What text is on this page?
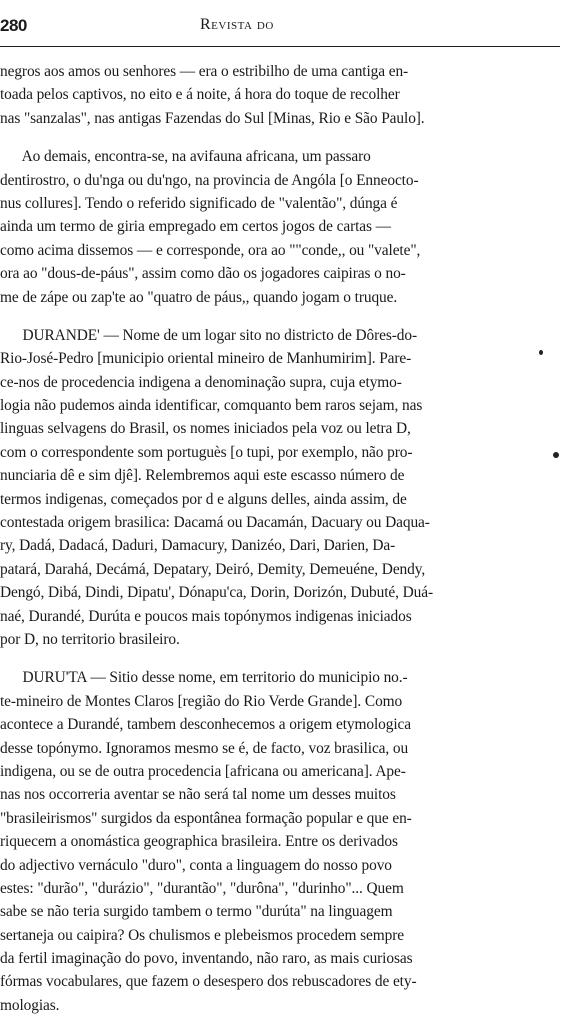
280	Revista do
negros aos amos ou senhores — era o estribilho de uma cantiga en-
toada pelos captivos, no eito e á noite, á hora do toque de recolher
nas "sanzalas", nas antigas Fazendas do Sul [Minas, Rio e São Paulo].
Ao demais, encontra-se, na avifauna africana, um passaro
dentirostro, o du'nga ou du'ngo, na provincia de Angóla [o Enneocto-
nus collures]. Tendo o referido significado de "valentão", dúnga é
ainda um termo de giria empregado em certos jogos de cartas —
como acima dissemos — e corresponde, ora ao ""conde,, ou "valete",
ora ao "dous-de-páus", assim como dão os jogadores caipiras o no-
me de zápe ou zap'te ao "quatro de páus,, quando jogam o truque.
DURANDE' — Nome de um logar sito no districto de Dôres-do-
Rio-José-Pedro [municipio oriental mineiro de Manhumirim]. Pare-
ce-nos de procedencia indigena a denominação supra, cuja etymo-
logia não pudemos ainda identificar, comquanto bem raros sejam, nas
linguas selvagens do Brasil, os nomes iniciados pela voz ou letra D,
com o correspondente som portuguès [o tupi, por exemplo, não pro-
nunciaria dê e sim djê]. Relembremos aqui este escasso número de
termos indigenas, começados por d e alguns delles, ainda assim, de
contestada origem brasilica: Dacamá ou Dacamán, Dacuary ou Daqua-
ry, Dadá, Dadacá, Daduri, Damacury, Danizéo, Dari, Darien, Da-
patará, Darahá, Decámá, Depatary, Deiró, Demity, Demeuéne, Dendy,
Dengó, Dibá, Dindi, Dipatu', Dónapu'ca, Dorin, Dorizón, Dubuté, Duá-
naé, Durandé, Durúta e poucos mais topónymos indigenas iniciados
por D, no territorio brasileiro.
DURU'TA — Sitio desse nome, em territorio do municipio no.-
te-mineiro de Montes Claros [região do Rio Verde Grande]. Como
acontece a Durandé, tambem desconhecemos a origem etymologica
desse topónymo. Ignoramos mesmo se é, de facto, voz brasilica, ou
indigena, ou se de outra procedencia [africana ou americana]. Ape-
nas nos occorreria aventar se não será tal nome um desses muitos
"brasileirismos" surgidos da espontânea formação popular e que en-
riquecem a onomástica geographica brasileira. Entre os derivados
do adjectivo vernáculo "duro", conta a linguagem do nosso povo
estes: "durão", "durázio", "durantão", "durôna", "durinho"... Quem
sabe se não teria surgido tambem o termo "durúta" na linguagem
sertaneja ou caipira? Os chulismos e plebeismos procedem sempre
da fertil imaginação do povo, inventando, não raro, as mais curiosas
fórmas vocabulares, que fazem o desespero dos rebuscadores de ety-
mologias.
